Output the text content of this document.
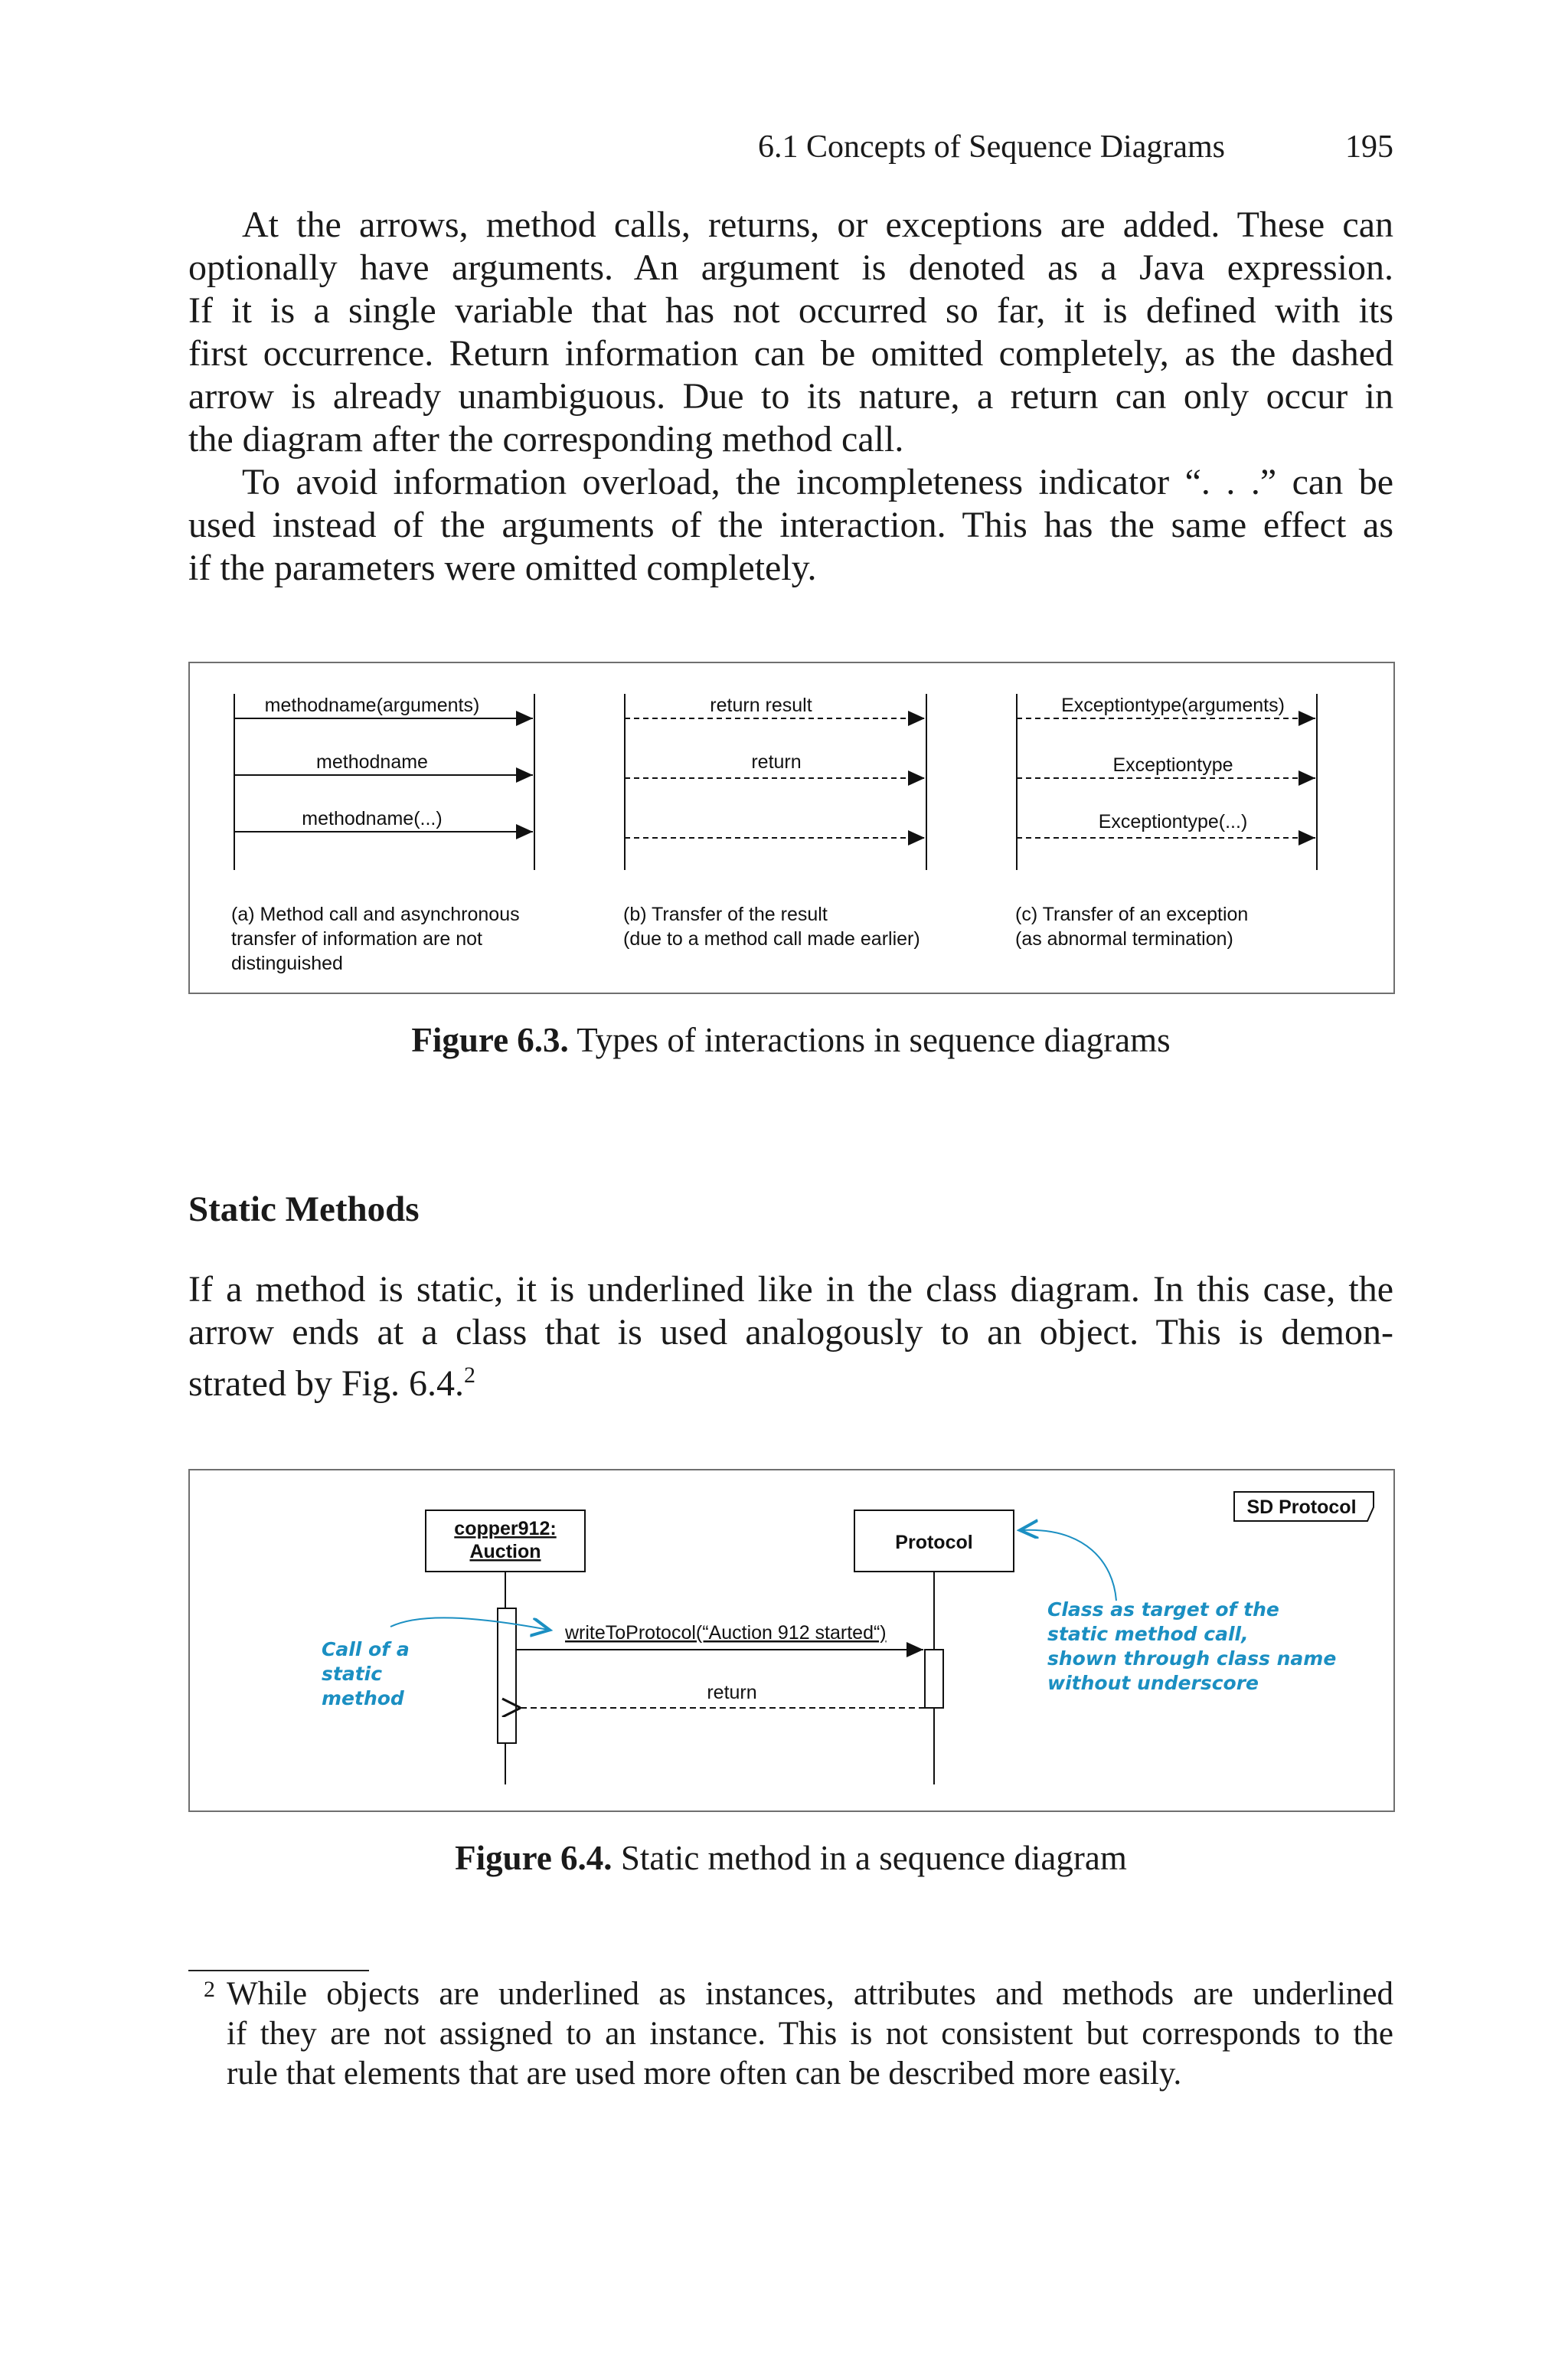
6.1 Concepts of Sequence Diagrams	195
At the arrows, method calls, returns, or exceptions are added. These can
optionally have arguments. An argument is denoted as a Java expression.
If it is a single variable that has not occurred so far, it is defined with its
first occurrence. Return information can be omitted completely, as the dashed
arrow is already unambiguous. Due to its nature, a return can only occur in
the diagram after the corresponding method call.
To avoid information overload, the incompleteness indicator “. . .” can be
used instead of the arguments of the interaction. This has the same effect as
if the parameters were omitted completely.
methodname(arguments)
methodname
methodname(...)
(a) Method call and asynchronous
transfer of information are not
distinguished
return result
return
(b) Transfer of the result
(due to a method call made earlier)
Exceptiontype(arguments)
Exceptiontype
Exceptiontype(...)
(c) Transfer of an exception
(as abnormal termination)
Figure 6.3. Types of interactions in sequence diagrams
Static Methods
If a method is static, it is underlined like in the class diagram. In this case, the
arrow ends at a class that is used analogously to an object. This is demon-
strated by Fig. 6.4.$^2$
SD Protocol
copper912:
Auction	Protocol
writeToProtocol(“Auction 912 started“)
return
Call of a
static
method
Class as target of the
static method call,
shown through class name
without underscore
Figure 6.4. Static method in a sequence diagram
2 While objects are underlined as instances, attributes and methods are underlined
if they are not assigned to an instance. This is not consistent but corresponds to the
rule that elements that are used more often can be described more easily.
